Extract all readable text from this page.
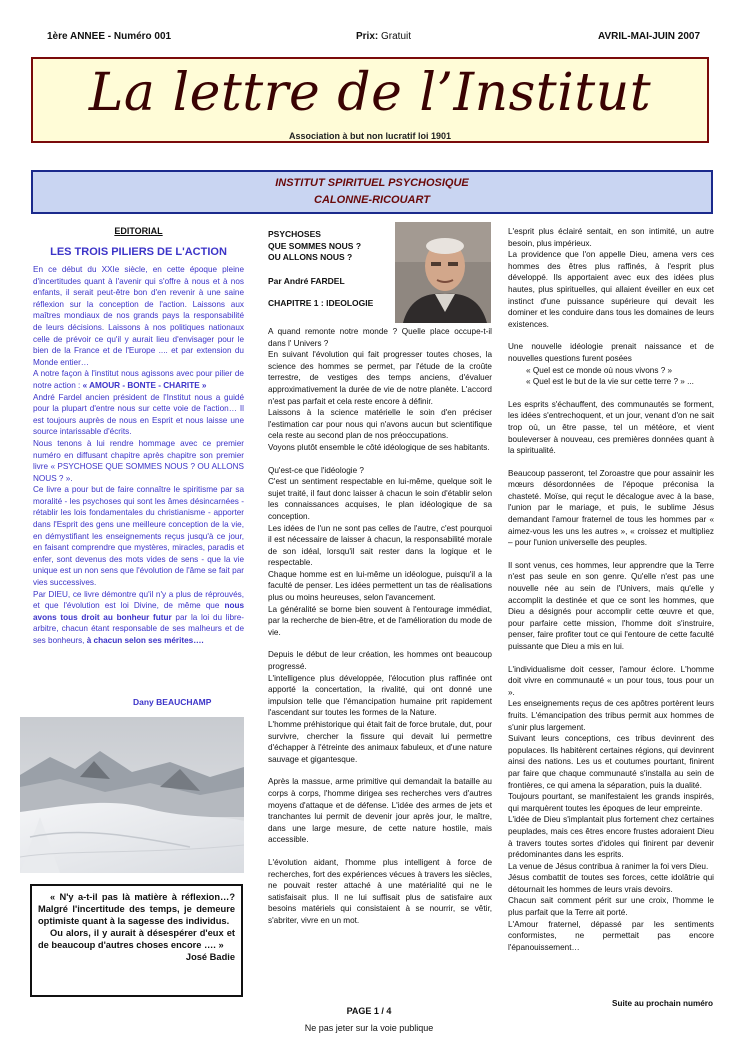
1ère ANNEE - Numéro 001	Prix: Gratuit	AVRIL-MAI-JUIN 2007
La lettre de l’Institut
Association à but non lucratif loi 1901
INSTITUT SPIRITUEL PSYCHOSIQUE
CALONNE-RICOUART
EDITORIAL
LES TROIS PILIERS DE L'ACTION

En ce début du XXIe siècle, en cette époque pleine d'incertitudes quant à l'avenir qui s'offre à nous et à nos enfants, il serait peut-être bon d'en revenir à une saine réflexion sur la conception de l'action. Laissons aux maîtres mondiaux de nos grands pays la responsabilité de leurs décisions. Laissons à nos politiques nationaux celle de prévoir ce qu'il y aurait lieu d'envisager pour le bien de la France et de l'Europe .... et par extension du Monde entier…

A notre façon à l'institut nous agissons avec pour pilier de notre action : « AMOUR - BONTE - CHARITE »

André Fardel ancien président de l'Institut nous a guidé pour la plupart d'entre nous sur cette voie de l'action… Il est toujours auprès de nous en Esprit et nous laisse une source intarissable d'écrits.

Nous tenons à lui rendre hommage avec ce premier numéro en diffusant chapitre après chapitre son premier livre « PSYCHOSE QUE SOMMES NOUS ? OU ALLONS NOUS ? ».

Ce livre a pour but de faire connaître le spiritisme par sa moralité - les psychoses qui sont les âmes désincarnées - rétablir les lois fondamentales du christianisme - apporter dans l'Esprit des gens une meilleure conception de la vie, en démystifiant les enseignements reçus jusqu'à ce jour, en faisant comprendre que mystères, miracles, paradis et enfer, sont devenus des mots vides de sens - que la vie unique est un non sens que l'évolution de l'âme se fait par vies successives.

Par DIEU, ce livre démontre qu'il n'y a plus de réprouvés, et que l'évolution est loi Divine, de même que nous avons tous droit au bonheur futur par la loi du libre-arbitre, chacun étant responsable de ses malheurs et de ses bonheurs, à chacun selon ses mérites….

Dany BEAUCHAMP
« N'y a-t-il pas là matière à réflexion…? Malgré l'incertitude des temps, je demeure optimiste quant à la sagesse des individus.
Ou alors, il y aurait à désespérer d'eux et de beaucoup d'autres choses encore …. »
José Badie
PSYCHOSES
QUE SOMMES NOUS ?
OU ALLONS NOUS ?
Par André FARDEL
CHAPITRE 1 : IDEOLOGIE

A quand remonte notre monde ? Quelle place occupe-t-il dans l' Univers ?

En suivant l'évolution qui fait progresser toutes choses, la science des hommes se permet, par l'étude de la croûte terrestre, de vestiges des temps anciens, d'évaluer approximativement la durée de vie de notre planète. L'accord n'est pas parfait et cela reste encore à définir.

Laissons à la science matérielle le soin d'en préciser l'estimation car pour nous qui n'avons aucun but scientifique cela reste au second plan de nos préoccupations.

Voyons plutôt ensemble le côté idéologique de ses habitants.

Qu'est-ce que l'idéologie ?

C'est un sentiment respectable en lui-même, quelque soit le sujet traité, il faut donc laisser à chacun le soin d'établir selon les connaissances acquises, le plan idéologique de sa conception.

Les idées de l'un ne sont pas celles de l'autre, c'est pourquoi il est nécessaire de laisser à chacun, la responsabilité morale de son idéal, lorsqu'il sait rester dans la logique et le respectable.

Chaque homme est en lui-même un idéologue, puisqu'il a la faculté de penser. Les idées permettent un tas de réalisations plus ou moins heureuses, selon l'avancement.

La généralité se borne bien souvent à l'entourage immédiat, par la recherche de bien-être, et de l'amélioration du mode de vie.

Depuis le début de leur création, les hommes ont beaucoup progressé.

L'intelligence plus développée, l'élocution plus raffinée ont apporté la concertation, la rivalité, qui ont donné une impulsion telle que l'émancipation humaine prit rapidement l'ascendant sur toutes les formes de la Nature.

L'homme préhistorique qui était fait de force brutale, dut, pour survivre, chercher la fissure qui devait lui permettre d'échapper à l'étreinte des animaux fabuleux, et d'une nature sauvage et gigantesque.

Après la massue, arme primitive qui demandait la bataille au corps à corps, l'homme dirigea ses recherches vers d'autres moyens d'attaque et de défense. L'idée des armes de jets et tranchantes lui permit de devenir jour après jour, le maître, dans une large mesure, de cette nature hostile, mais accessible.

L'évolution aidant, l'homme plus intelligent à force de recherches, fort des expériences vécues à travers les siècles, ne pouvait rester attaché à une matérialité qui ne le satisfaisait plus. Il ne lui suffisait plus de satisfaire aux besoins matériels qui consistaient à se nourrir, se vêtir, s'abriter, vivre en un mot.

L'esprit plus éclairé sentait, en son intimité, un autre besoin, plus impérieux.

La providence que l'on appelle Dieu, amena vers ces hommes des êtres plus raffinés, à l'esprit plus développé. Ils apportaient avec eux des idées plus hautes, plus spirituelles, qui allaient éveiller en eux cet instinct d'une puissance supérieure qui devait les dominer et les conduire dans tous les domaines de leurs existences.

Une nouvelle idéologie prenait naissance et de nouvelles questions furent posées

« Quel est ce monde où nous vivons ? »

« Quel est le but de la vie sur cette terre ? » ...

Les esprits s'échauffent, des communautés se forment, les idées s'entrechoquent, et un jour, venant d'on ne sait trop où, un être passe, tel un météore, et vient bouleverser à nouveau, ces premières données quant à la spiritualité.

Beaucoup passeront, tel Zoroastre que pour assainir les mœurs désordonnées de l'époque préconisa la chasteté. Moïse, qui reçut le décalogue avec à la base, l'union par le mariage, et puis, le sublime Jésus demandant l'amour fraternel de tous les hommes par « aimez-vous les uns les autres », « croissez et multipliez – pour l'union universelle des peuples.

Il sont venus, ces hommes, leur apprendre que la Terre n'est pas seule en son genre. Qu'elle n'est pas une nouvelle née au sein de l'Univers, mais qu'elle y accomplit la destinée et que ce sont les hommes, que Dieu a désignés pour accomplir cette œuvre et que, pour parfaire cette mission, l'homme doit s'instruire, penser, faire profiter tout ce qui l'entoure de cette faculté puissante que Dieu a mis en lui.

L'individualisme doit cesser, l'amour éclore. L'homme doit vivre en communauté « un pour tous, tous pour un ».

Les enseignements reçus de ces apôtres portèrent leurs fruits. L'émancipation des tribus permit aux hommes de s'unir plus largement.

Suivant leurs conceptions, ces tribus devinrent des populaces. Ils habitèrent certaines régions, qui devinrent ainsi des nations. Les us et coutumes pourtant, finirent par faire que chaque communauté s'installa au sein de frontières, ce qui amena la séparation, puis la dualité.

Toujours pourtant, se manifestaient les grands inspirés, qui marquèrent toutes les époques de leur empreinte.

L'idée de Dieu s'implantait plus fortement chez certaines peuplades, mais ces êtres encore frustes adoraient Dieu à travers toutes sortes d'idoles qui finirent par devenir prédominantes dans les esprits.

La venue de Jésus contribua à ranimer la foi vers Dieu.

Jésus combattit de toutes ses forces, cette idolâtrie qui détournait les hommes de leurs vrais devoirs.

Chacun sait comment périt sur une croix, l'homme le plus parfait que la Terre ait porté.

L'Amour fraternel, dépassé par les sentiments conformistes, ne permettait pas encore l'épanouissement…

Suite au prochain numéro
PAGE 1 / 4
Ne pas jeter sur la voie publique
